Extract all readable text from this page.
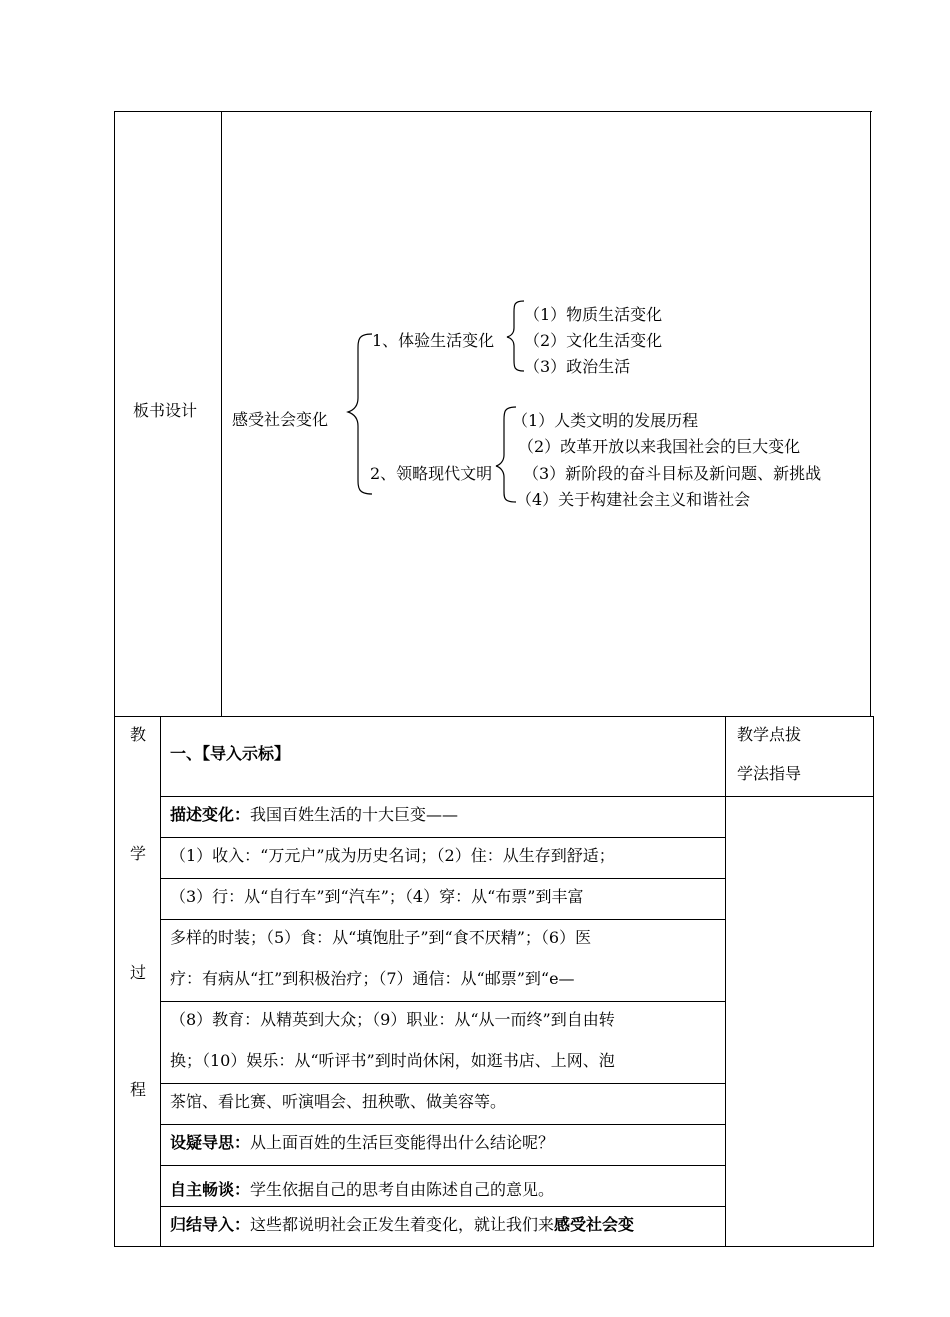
板书设计 感受社会变化
1、体验生活变化
（1）物质生活变化
（2）文化生活变化
（3）政治生活
2、领略现代文明
（1）人类文明的发展历程
（2）改革开放以来我国社会的巨大变化
（3）新阶段的奋斗目标及新问题、新挑战
（4）关于构建社会主义和谐社会
教
学
过
程
一、【导入示标】
教学点拔
学法指导
描述变化：我国百姓生活的十大巨变——
（1）收入：“万元户”成为历史名词；（2）住：从生存到舒适；
（3）行：从“自行车”到“汽车”；（4）穿：从“布票”到丰富
多样的时装；（5）食：从“填饱肚子”到“食不厌精”；（6）医
疗：有病从“扛”到积极治疗；（7）通信：从“邮票”到“e—
（8）教育：从精英到大众；（9）职业：从“从一而终”到自由转
换；（10）娱乐：从“听评书”到时尚休闲，如逛书店、上网、泡
茶馆、看比赛、听演唱会、扭秧歌、做美容等。
设疑导思：从上面百姓的生活巨变能得出什么结论呢？
自主畅谈：学生依据自己的思考自由陈述自己的意见。
归结导入：这些都说明社会正发生着变化，就让我们来感受社会变
